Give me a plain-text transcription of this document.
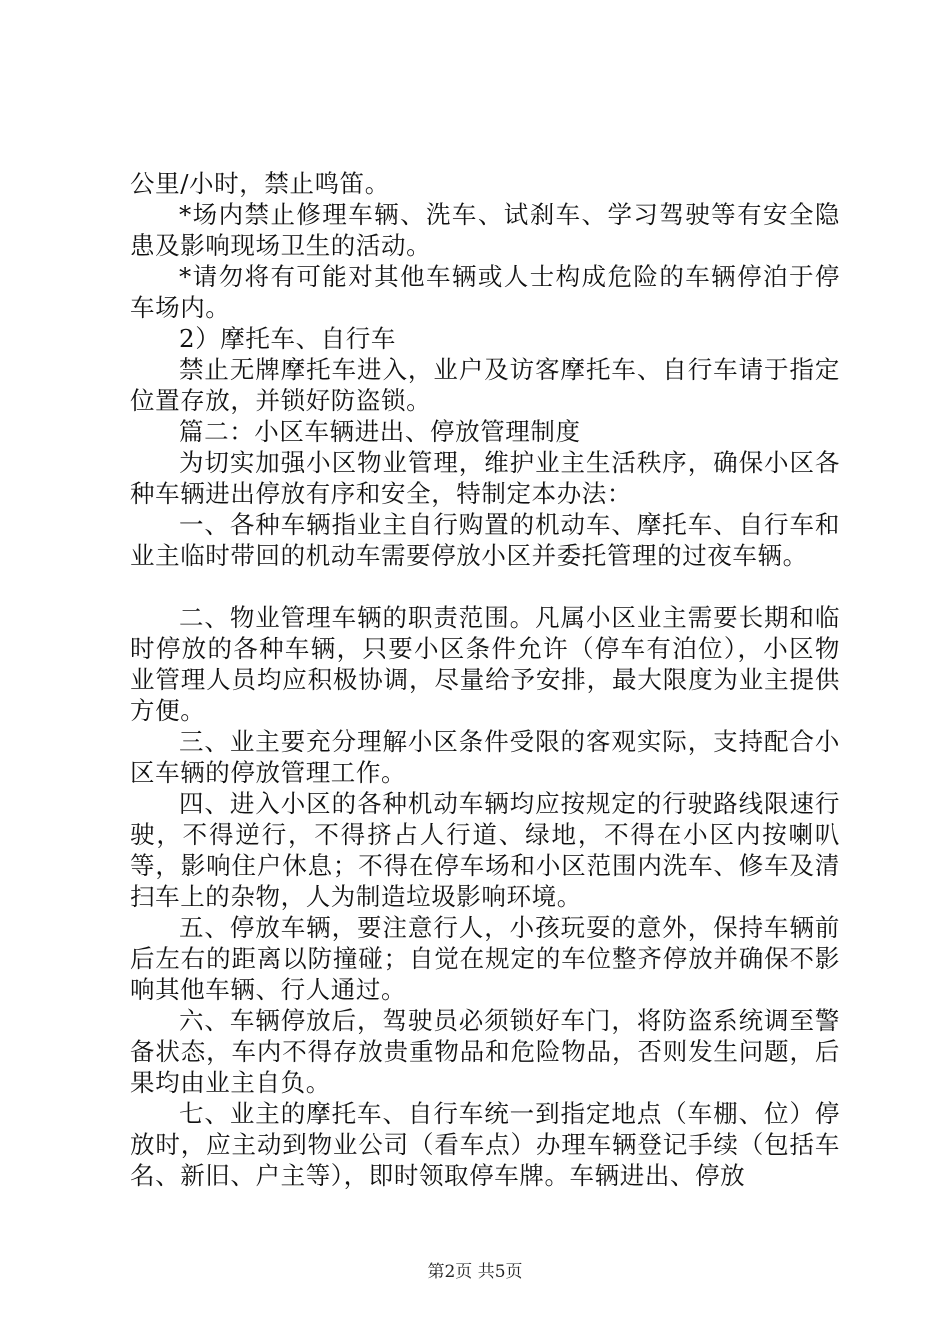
公里/小时，禁止鸣笛。

*场内禁止修理车辆、洗车、试刹车、学习驾驶等有安全隐患及影响现场卫生的活动。

*请勿将有可能对其他车辆或人士构成危险的车辆停泊于停车场内。

2）摩托车、自行车

禁止无牌摩托车进入，业户及访客摩托车、自行车请于指定位置存放，并锁好防盗锁。

篇二：小区车辆进出、停放管理制度

为切实加强小区物业管理，维护业主生活秩序，确保小区各种车辆进出停放有序和安全，特制定本办法：

一、各种车辆指业主自行购置的机动车、摩托车、自行车和业主临时带回的机动车需要停放小区并委托管理的过夜车辆。

二、物业管理车辆的职责范围。凡属小区业主需要长期和临时停放的各种车辆，只要小区条件允许（停车有泊位），小区物业管理人员均应积极协调，尽量给予安排，最大限度为业主提供方便。

三、业主要充分理解小区条件受限的客观实际，支持配合小区车辆的停放管理工作。

四、进入小区的各种机动车辆均应按规定的行驶路线限速行驶，不得逆行，不得挤占人行道、绿地，不得在小区内按喇叭等，影响住户休息；不得在停车场和小区范围内洗车、修车及清扫车上的杂物，人为制造垃圾影响环境。

五、停放车辆，要注意行人，小孩玩耍的意外，保持车辆前后左右的距离以防撞碰；自觉在规定的车位整齐停放并确保不影响其他车辆、行人通过。

六、车辆停放后，驾驶员必须锁好车门，将防盗系统调至警备状态，车内不得存放贵重物品和危险物品，否则发生问题，后果均由业主自负。

七、业主的摩托车、自行车统一到指定地点（车棚、位）停放时，应主动到物业公司（看车点）办理车辆登记手续（包括车名、新旧、户主等），即时领取停车牌。车辆进出、停放

第2页 共5页
